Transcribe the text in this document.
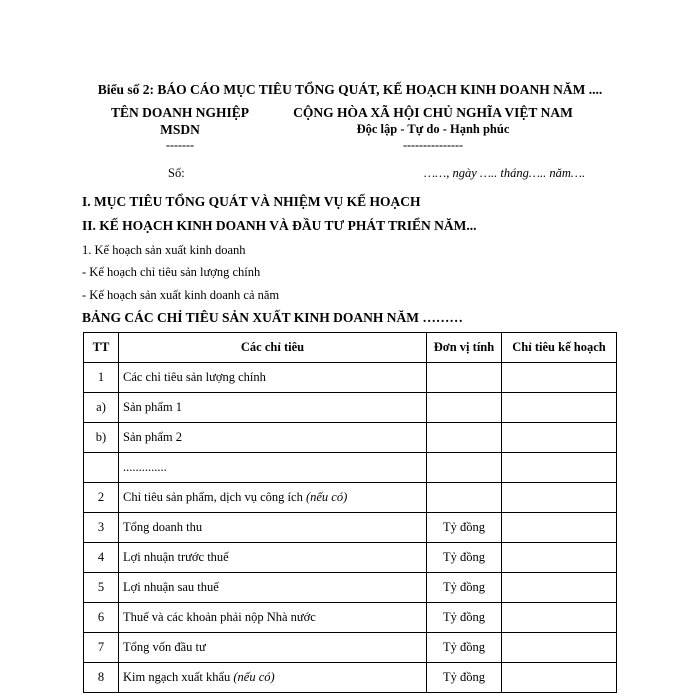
Biểu số 2: BÁO CÁO MỤC TIÊU TỔNG QUÁT, KẾ HOẠCH KINH DOANH NĂM ....
TÊN DOANH NGHIỆP
MSDN
-------
CỘNG HÒA XÃ HỘI CHỦ NGHĨA VIỆT NAM
Độc lập - Tự do - Hạnh phúc
---------------
Số:	……, ngày ….. tháng….. năm….
I. MỤC TIÊU TỔNG QUÁT VÀ NHIỆM VỤ KẾ HOẠCH
II. KẾ HOẠCH KINH DOANH VÀ ĐẦU TƯ PHÁT TRIỂN NĂM...
1. Kế hoạch sản xuất kinh doanh
- Kế hoạch chỉ tiêu sản lượng chính
- Kế hoạch sản xuất kinh doanh cả năm
BẢNG CÁC CHỈ TIÊU SẢN XUẤT KINH DOANH NĂM ………
TT	Các chỉ tiêu	Đơn vị tính	Chỉ tiêu kế hoạch
1	Các chỉ tiêu sản lượng chính		
a)	Sản phẩm 1		
b)	Sản phẩm 2		
	..............		
2	Chỉ tiêu sản phẩm, dịch vụ công ích (nếu có)		
3	Tổng doanh thu	Tỷ đồng	
4	Lợi nhuận trước thuế	Tỷ đồng	
5	Lợi nhuận sau thuế	Tỷ đồng	
6	Thuế và các khoản phải nộp Nhà nước	Tỷ đồng	
7	Tổng vốn đầu tư	Tỷ đồng	
8	Kim ngạch xuất khẩu (nếu có)	Tỷ đồng	
